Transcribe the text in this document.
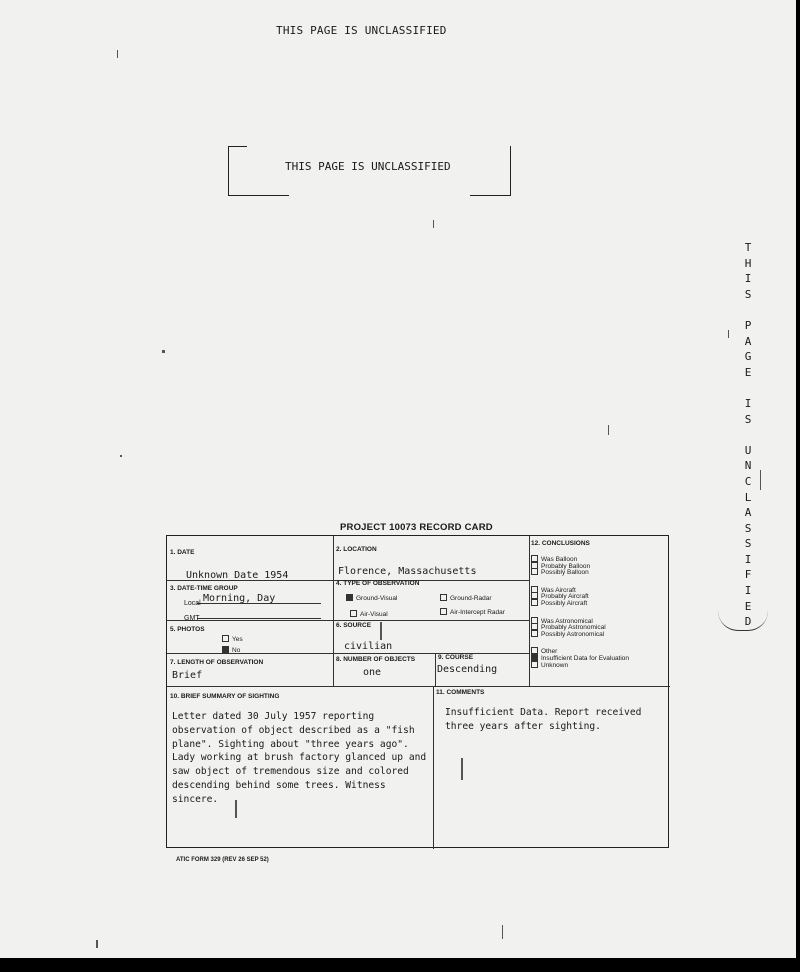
THIS PAGE IS UNCLASSIFIED
THIS PAGE IS UNCLASSIFIED
T
H
I
S

P
A
G
E

I
S

U
N
C
L
A
S
S
I
F
I
E
D
PROJECT 10073 RECORD CARD
1. DATE
Unknown Date 1954
2. LOCATION
Florence, Massachusetts
3. DATE-TIME GROUP
Local Morning, Day
GMT
4. TYPE OF OBSERVATION
Ground-Visual	Ground-Radar
Air-Visual	Air-Intercept Radar
5. PHOTOS
Yes
No
6. SOURCE
civilian
7. LENGTH OF OBSERVATION
Brief
8. NUMBER OF OBJECTS
one
9. COURSE
Descending
10. BRIEF SUMMARY OF SIGHTING
Letter dated 30 July 1957 reporting
observation of object described as a "fish
plane". Sighting about "three years ago".
Lady working at brush factory glanced up and
saw object of tremendous size and colored
descending behind some trees. Witness sincere.
11. COMMENTS
Insufficient Data. Report received
three years after sighting.
12. CONCLUSIONS
Was Balloon
Probably Balloon
Possibly Balloon
Was Aircraft
Probably Aircraft
Possibly Aircraft
Was Astronomical
Probably Astronomical
Possibly Astronomical
Other
Insufficient Data for Evaluation
Unknown
ATIC FORM 329 (REV 26 SEP 52)
